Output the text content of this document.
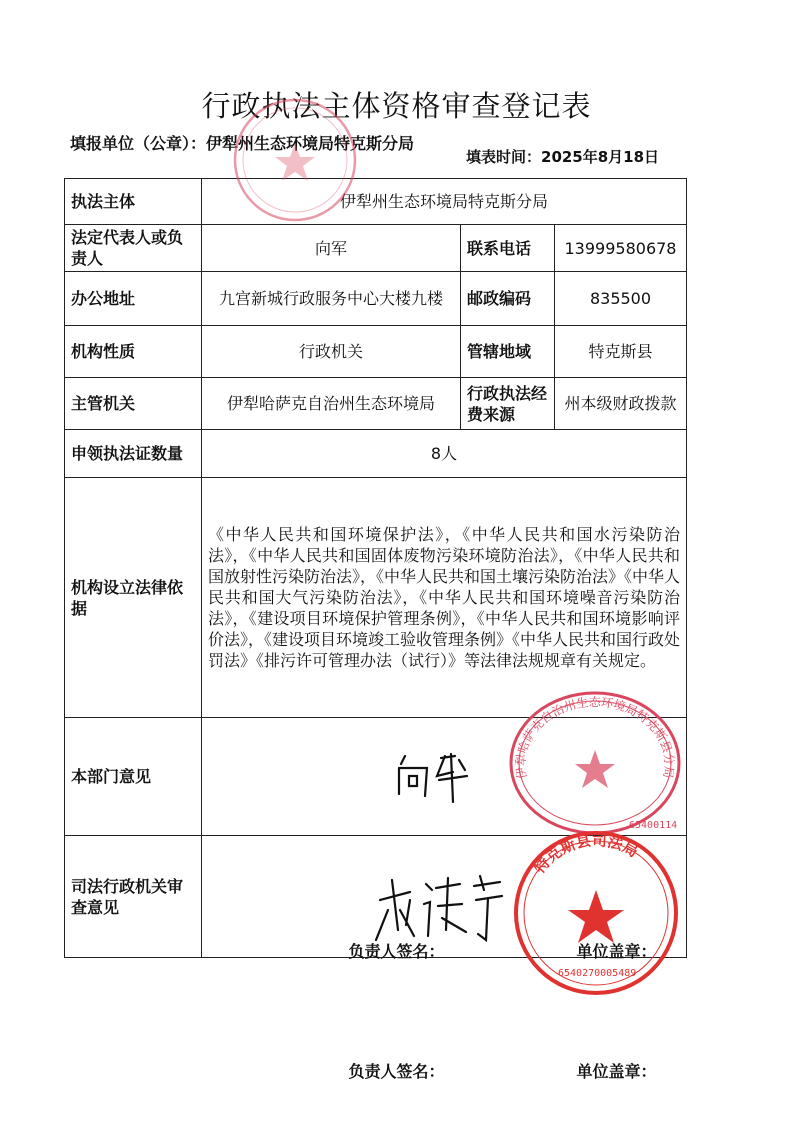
行政执法主体资格审查登记表
填报单位（公章）：伊犁州生态环境局特克斯分局
填表时间：2025年8月18日
执法主体	伊犁州生态环境局特克斯分局		
法定代表人或负责人	向军	联系电话	13999580678
办公地址	九宫新城行政服务中心大楼九楼	邮政编码	835500
机构性质	行政机关	管辖地域	特克斯县
主管机关	伊犁哈萨克自治州生态环境局	行政执法经费来源	州本级财政拨款
申领执法证数量	8人		
机构设立法律依据	《中华人民共和国环境保护法》，《中华人民共和国水污染防治法》，《中华人民共和国固体废物污染环境防治法》，《中华人民共和国放射性污染防治法》，《中华人民共和国土壤污染防治法》《中华人民共和国大气污染防治法》，《中华人民共和国环境噪音污染防治法》，《建设项目环境保护管理条例》，《中华人民共和国环境影响评价法》，《建设项目环境竣工验收管理条例》《中华人民共和国行政处罚法》《排污许可管理办法（试行）》等法律法规规章有关规定。		
本部门意见	负责人签名： 单位盖章：		

司法行政机关审查意见	负责人签名： 单位盖章：		
伊犁哈萨克自治州生态环境局特克斯县分局
65400114
特克斯县司法局
6540270005489
